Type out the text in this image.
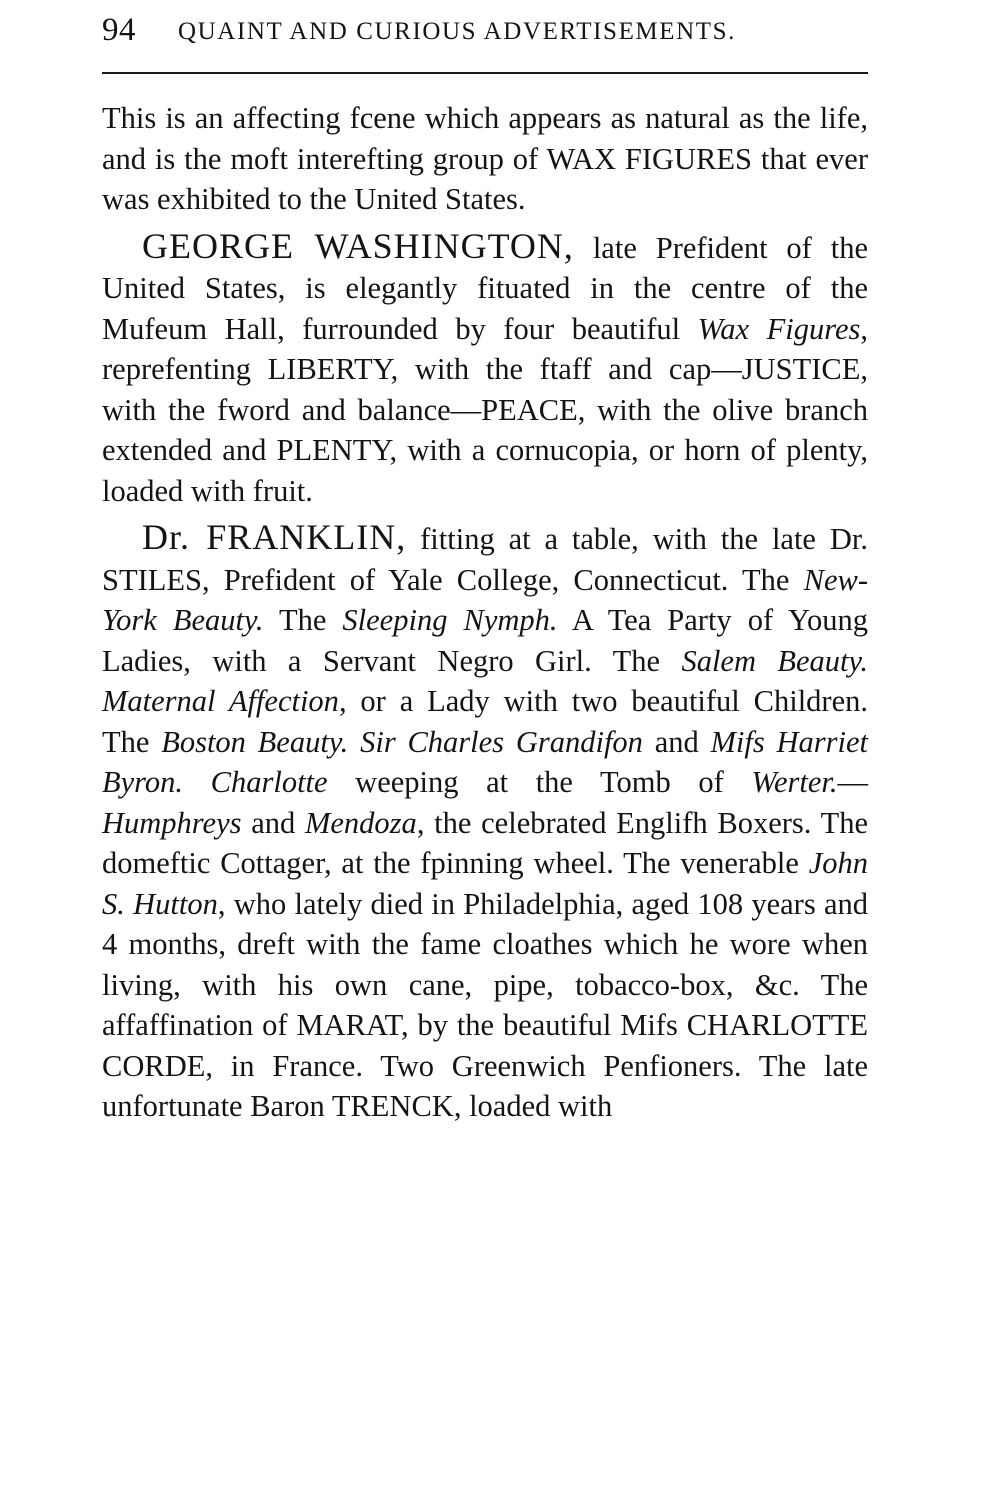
94 QUAINT AND CURIOUS ADVERTISEMENTS.

This is an affecting fcene which appears as natural as the life, and is the moft interefting group of WAX FIGURES that ever was exhibited to the United States.

GEORGE WASHINGTON, late Prefident of the United States, is elegantly fituated in the centre of the Mufeum Hall, furrounded by four beautiful Wax Figures, reprefenting LIBERTY, with the ftaff and cap—JUSTICE, with the fword and balance—PEACE, with the olive branch extended and PLENTY, with a cornucopia, or horn of plenty, loaded with fruit.

Dr. FRANKLIN, fitting at a table, with the late Dr. STILES, Prefident of Yale College, Connecticut. The New-York Beauty. The Sleeping Nymph. A Tea Party of Young Ladies, with a Servant Negro Girl. The Salem Beauty. Maternal Affection, or a Lady with two beautiful Children. The Boston Beauty. Sir Charles Grandifon and Mifs Harriet Byron. Charlotte weeping at the Tomb of Werter.— Humphreys and Mendoza, the celebrated Englifh Boxers. The domeftic Cottager, at the fpinning wheel. The venerable John S. Hutton, who lately died in Philadelphia, aged 108 years and 4 months, dreft with the fame cloathes which he wore when living, with his own cane, pipe, tobacco-box, &c. The affaffination of MARAT, by the beautiful Mifs CHARLOTTE CORDE, in France. Two Greenwich Penfioners. The late unfortunate Baron TRENCK, loaded with
